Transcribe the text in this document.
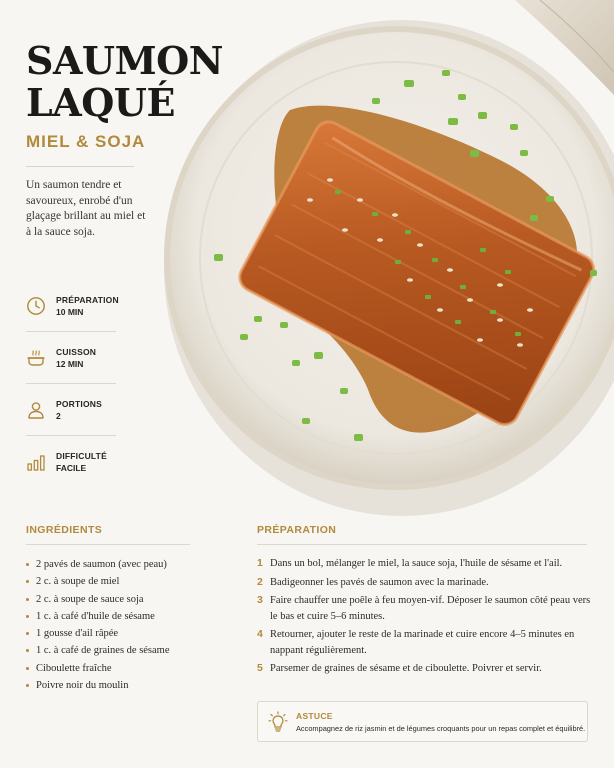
SAUMON
LAQUÉ
MIEL & SOJA

Un saumon tendre et savoureux, enrobé d'un glaçage brillant au miel et à la sauce soja.

PRÉPARATION
10 MIN
CUISSON
12 MIN
PORTIONS
2
DIFFICULTÉ
FACILE
INGRÉDIENTS
2 pavés de saumon (avec peau)
2 c. à soupe de miel
2 c. à soupe de sauce soja
1 c. à café d'huile de sésame
1 gousse d'ail râpée
1 c. à café de graines de sésame
Ciboulette fraîche
Poivre noir du moulin
PRÉPARATION
1 Dans un bol, mélanger le miel, la sauce soja, l'huile de sésame et l'ail.
2 Badigeonner les pavés de saumon avec la marinade.
3 Faire chauffer une poêle à feu moyen-vif. Déposer le saumon côté peau vers le bas et cuire 5–6 minutes.
4 Retourner, ajouter le reste de la marinade et cuire encore 4–5 minutes en nappant régulièrement.
5 Parsemer de graines de sésame et de ciboulette. Poivrer et servir.
ASTUCE
Accompagnez de riz jasmin et de légumes croquants pour un repas complet et équilibré.
